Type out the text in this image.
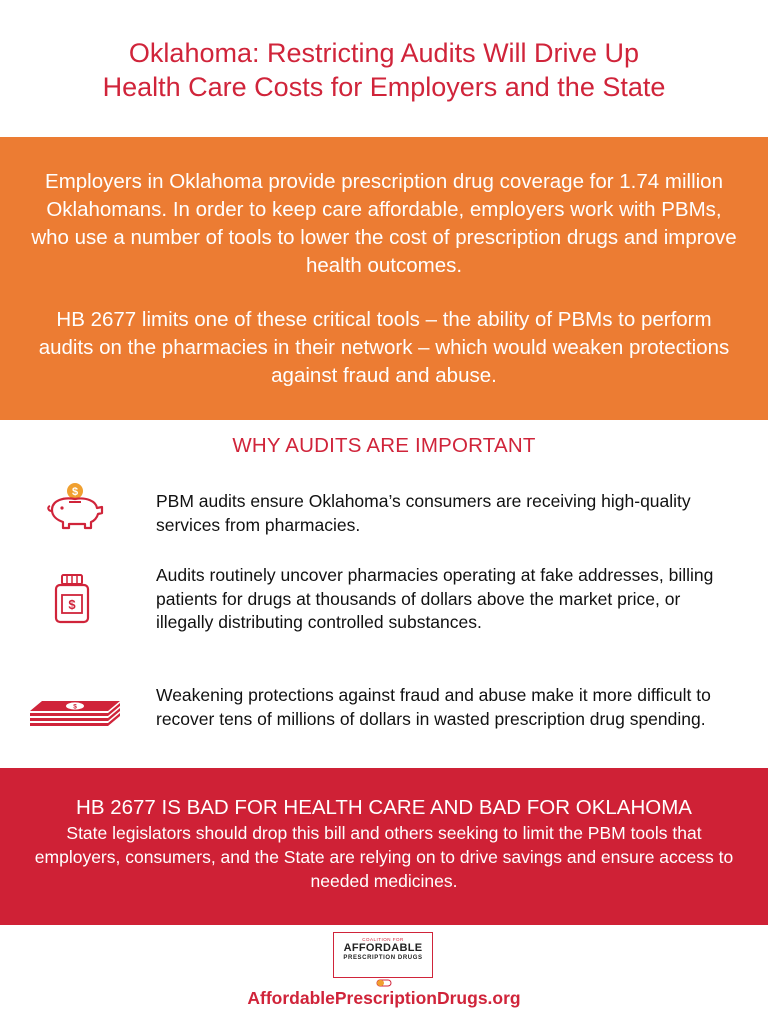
Oklahoma: Restricting Audits Will Drive Up
Health Care Costs for Employers and the State
Employers in Oklahoma provide prescription drug coverage for 1.74 million Oklahomans. In order to keep care affordable, employers work with PBMs, who use a number of tools to lower the cost of prescription drugs and improve health outcomes.
HB 2677 limits one of these critical tools – the ability of PBMs to perform audits on the pharmacies in their network – which would weaken protections against fraud and abuse.
WHY AUDITS ARE IMPORTANT
$	PBM audits ensure Oklahoma’s consumers are receiving high-quality services from pharmacies.
$
Audits routinely uncover pharmacies operating at fake addresses, billing patients for drugs at thousands of dollars above the market price, or illegally distributing controlled substances.
$
Weakening protections against fraud and abuse make it more difficult to recover tens of millions of dollars in wasted prescription drug spending.
HB 2677 IS BAD FOR HEALTH CARE AND BAD FOR OKLAHOMA
State legislators should drop this bill and others seeking to limit the PBM tools that employers, consumers, and the State are relying on to drive savings and ensure access to needed medicines.
COALITION FOR
AFFORDABLE
PRESCRIPTION DRUGS
AffordablePrescriptionDrugs.org
